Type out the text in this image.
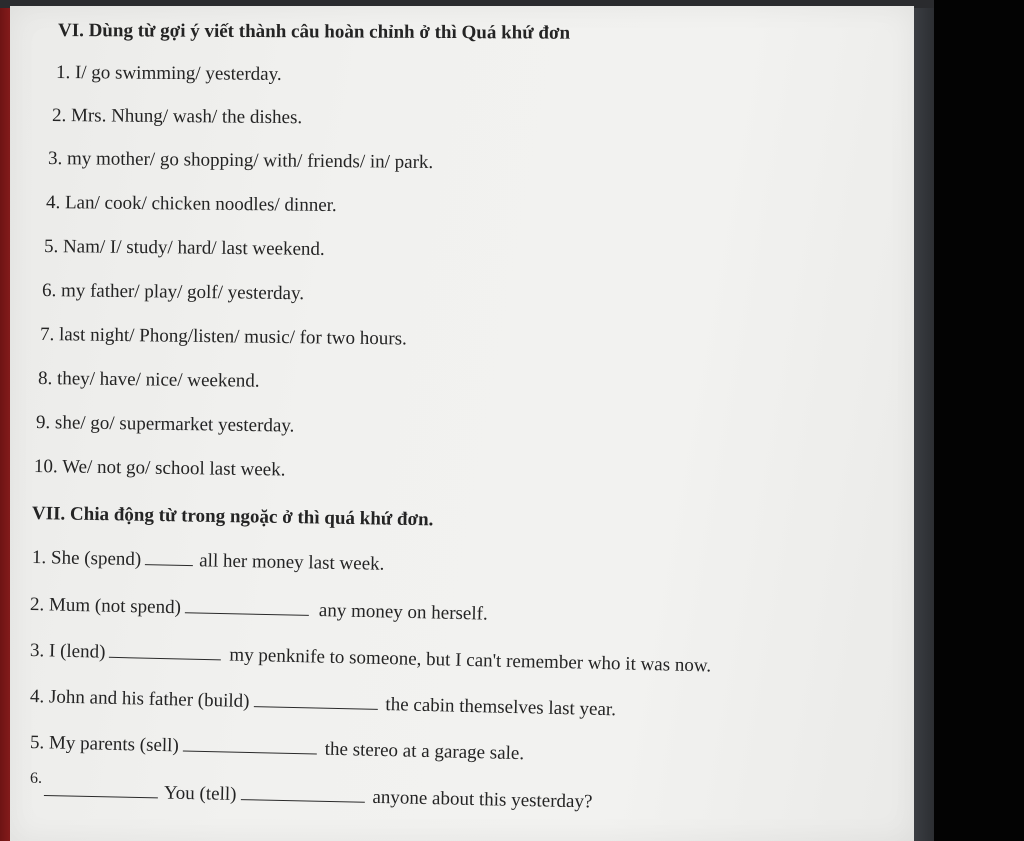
VI. Dùng từ gợi ý viết thành câu hoàn chỉnh ở thì Quá khứ đơn
1. I/ go swimming/ yesterday.
2. Mrs. Nhung/ wash/ the dishes.
3. my mother/ go shopping/ with/ friends/ in/ park.
4. Lan/ cook/ chicken noodles/ dinner.
5. Nam/ I/ study/ hard/ last weekend.
6. my father/ play/ golf/ yesterday.
7. last night/ Phong/listen/ music/ for two hours.
8. they/ have/ nice/ weekend.
9. she/ go/ supermarket yesterday.
10. We/ not go/ school last week.
VII. Chia động từ trong ngoặc ở thì quá khứ đơn.
1. She (spend)	all her money last week.
2. Mum (not spend)	any money on herself.
3. I (lend)	my penknife to someone, but I can't remember who it was now.
4. John and his father (build)	the cabin themselves last year.
5. My parents (sell)	the stereo at a garage sale.
6.
You (tell)	anyone about this yesterday?
